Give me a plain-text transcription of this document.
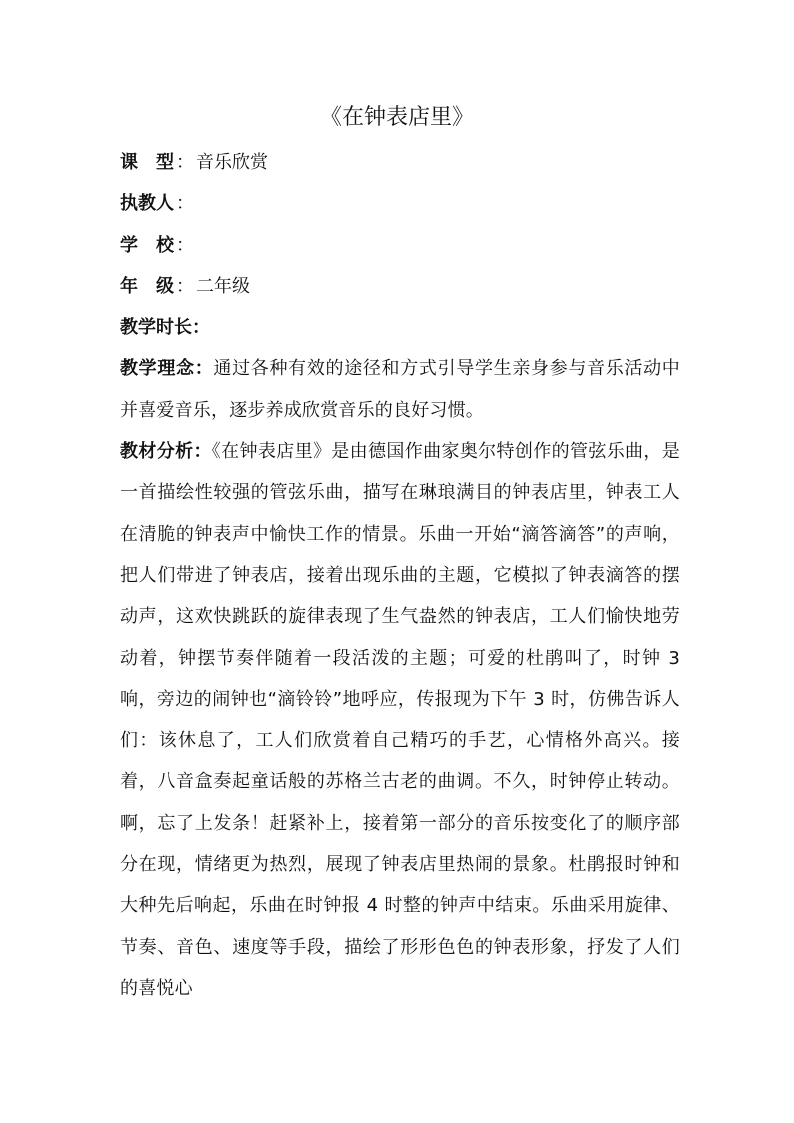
《在钟表店里》

课　型 ： 音乐欣赏

执教人 ：

学　校 ：

年　级 ： 二年级

教学时长：

教学理念：通过各种有效的途径和方式引导学生亲身参与音乐活动中并喜爱音乐，逐步养成欣赏音乐的良好习惯。

教材分析：《在钟表店里》是由德国作曲家奥尔特创作的管弦乐曲，是一首描绘性较强的管弦乐曲，描写在琳琅满目的钟表店里，钟表工人在清脆的钟表声中愉快工作的情景。乐曲一开始“滴答滴答”的声响，把人们带进了钟表店，接着出现乐曲的主题，它模拟了钟表滴答的摆动声，这欢快跳跃的旋律表现了生气盎然的钟表店，工人们愉快地劳动着，钟摆节奏伴随着一段活泼的主题；可爱的杜鹃叫了，时钟 3 响，旁边的闹钟也“滴铃铃”地呼应，传报现为下午 3 时，仿佛告诉人们：该休息了，工人们欣赏着自己精巧的手艺，心情格外高兴。接着，八音盒奏起童话般的苏格兰古老的曲调。不久，时钟停止转动。啊，忘了上发条！赶紧补上，接着第一部分的音乐按变化了的顺序部分在现，情绪更为热烈，展现了钟表店里热闹的景象。杜鹃报时钟和大种先后响起，乐曲在时钟报 4 时整的钟声中结束。乐曲采用旋律、节奏、音色、速度等手段，描绘了形形色色的钟表形象，抒发了人们的喜悦心
